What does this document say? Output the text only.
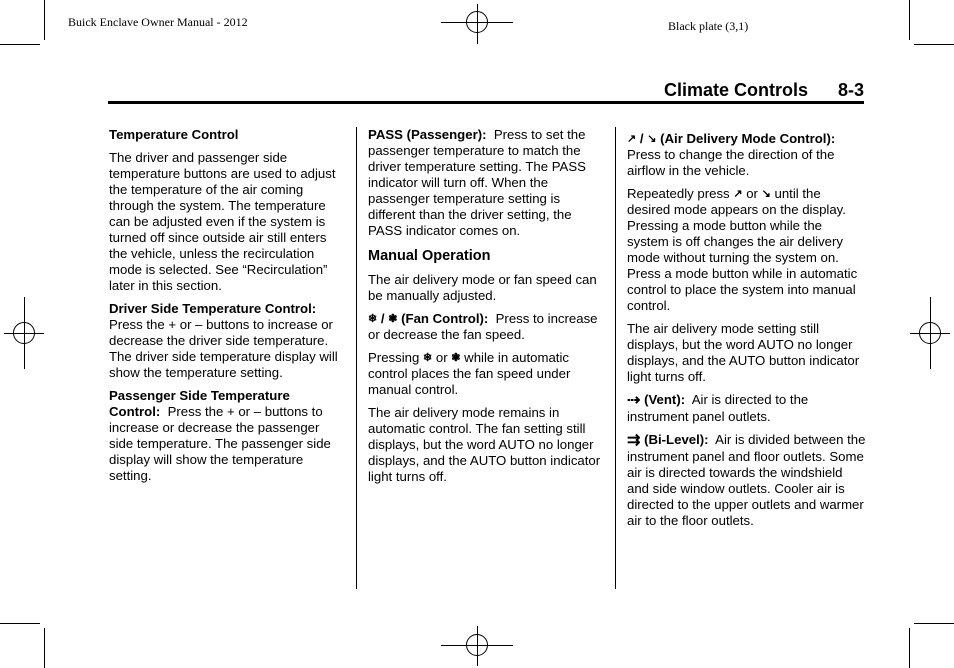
Buick Enclave Owner Manual - 2012	Black plate (3,1)
Climate Controls 8-3

Temperature Control

The driver and passenger side temperature buttons are used to adjust the temperature of the air coming through the system. The temperature can be adjusted even if the system is turned off since outside air still enters the vehicle, unless the recirculation mode is selected. See “Recirculation” later in this section.

Driver Side Temperature Control:  Press the + or – buttons to increase or decrease the driver side temperature. The driver side temperature display will show the temperature setting.

Passenger Side Temperature Control: Press the + or – buttons to increase or decrease the passenger side temperature. The passenger side display will show the temperature setting.

PASS (Passenger): Press to set the passenger temperature to match the driver temperature setting. The PASS indicator will turn off. When the passenger temperature setting is different than the driver setting, the PASS indicator comes on.

Manual Operation

The air delivery mode or fan speed can be manually adjusted.

❄ / ❃ (Fan Control): Press to increase or decrease the fan speed.

Pressing ❄ or ❃ while in automatic control places the fan speed under manual control.

The air delivery mode remains in automatic control. The fan setting still displays, but the word AUTO no longer displays, and the AUTO button indicator light turns off.

↗ / ↘ (Air Delivery Mode Control):  Press to change the direction of the airflow in the vehicle.

Repeatedly press ↗ or ↘ until the desired mode appears on the display. Pressing a mode button while the system is off changes the air delivery mode without turning the system on. Press a mode button while in automatic control to place the system into manual control.

The air delivery mode setting still displays, but the word AUTO no longer displays, and the AUTO button indicator light turns off.

⇢ (Vent): Air is directed to the instrument panel outlets.

⇉ (Bi-Level): Air is divided between the instrument panel and floor outlets. Some air is directed towards the windshield and side window outlets. Cooler air is directed to the upper outlets and warmer air to the floor outlets.
